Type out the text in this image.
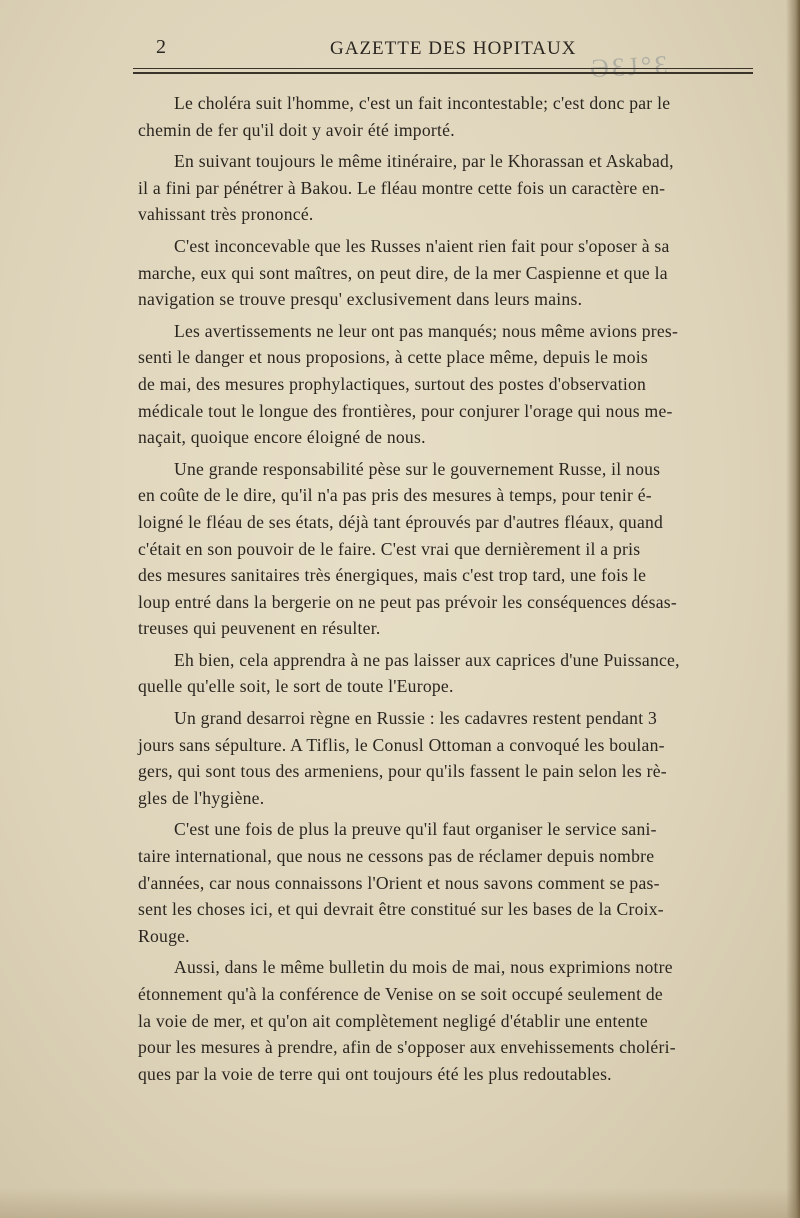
2	GAZETTE DES HOPITAUX
ƏƐJ°Ɛ

Le choléra suit l'homme, c'est un fait incontestable; c'est donc par le
chemin de fer qu'il doit y avoir été importé.

En suivant toujours le même itinéraire, par le Khorassan et Askabad,
il a fini par pénétrer à Bakou. Le fléau montre cette fois un caractère en-
vahissant très prononcé.

C'est inconcevable que les Russes n'aient rien fait pour s'oposer à sa
marche, eux qui sont maîtres, on peut dire, de la mer Caspienne et que la
navigation se trouve presqu' exclusivement dans leurs mains.

Les avertissements ne leur ont pas manqués; nous même avions pres-
senti le danger et nous proposions, à cette place même, depuis le mois
de mai, des mesures prophylactiques, surtout des postes d'observation
médicale tout le longue des frontières, pour conjurer l'orage qui nous me-
naçait, quoique encore éloigné de nous.

Une grande responsabilité pèse sur le gouvernement Russe, il nous
en coûte de le dire, qu'il n'a pas pris des mesures à temps, pour tenir é-
loigné le fléau de ses états, déjà tant éprouvés par d'autres fléaux, quand
c'était en son pouvoir de le faire. C'est vrai que dernièrement il a pris
des mesures sanitaires très énergiques, mais c'est trop tard, une fois le
loup entré dans la bergerie on ne peut pas prévoir les conséquences désas-
treuses qui peuvenent en résulter.

Eh bien, cela apprendra à ne pas laisser aux caprices d'une Puissance,
quelle qu'elle soit, le sort de toute l'Europe.

Un grand desarroi règne en Russie : les cadavres restent pendant 3
jours sans sépulture. A Tiflis, le Conusl Ottoman a convoqué les boulan-
gers, qui sont tous des armeniens, pour qu'ils fassent le pain selon les rè-
gles de l'hygiène.

C'est une fois de plus la preuve qu'il faut organiser le service sani-
taire international, que nous ne cessons pas de réclamer depuis nombre
d'années, car nous connaissons l'Orient et nous savons comment se pas-
sent les choses ici, et qui devrait être constitué sur les bases de la Croix-
Rouge.

Aussi, dans le même bulletin du mois de mai, nous exprimions notre
étonnement qu'à la conférence de Venise on se soit occupé seulement de
la voie de mer, et qu'on ait complètement negligé d'établir une entente
pour les mesures à prendre, afin de s'opposer aux envehissements choléri-
ques par la voie de terre qui ont toujours été les plus redoutables.
